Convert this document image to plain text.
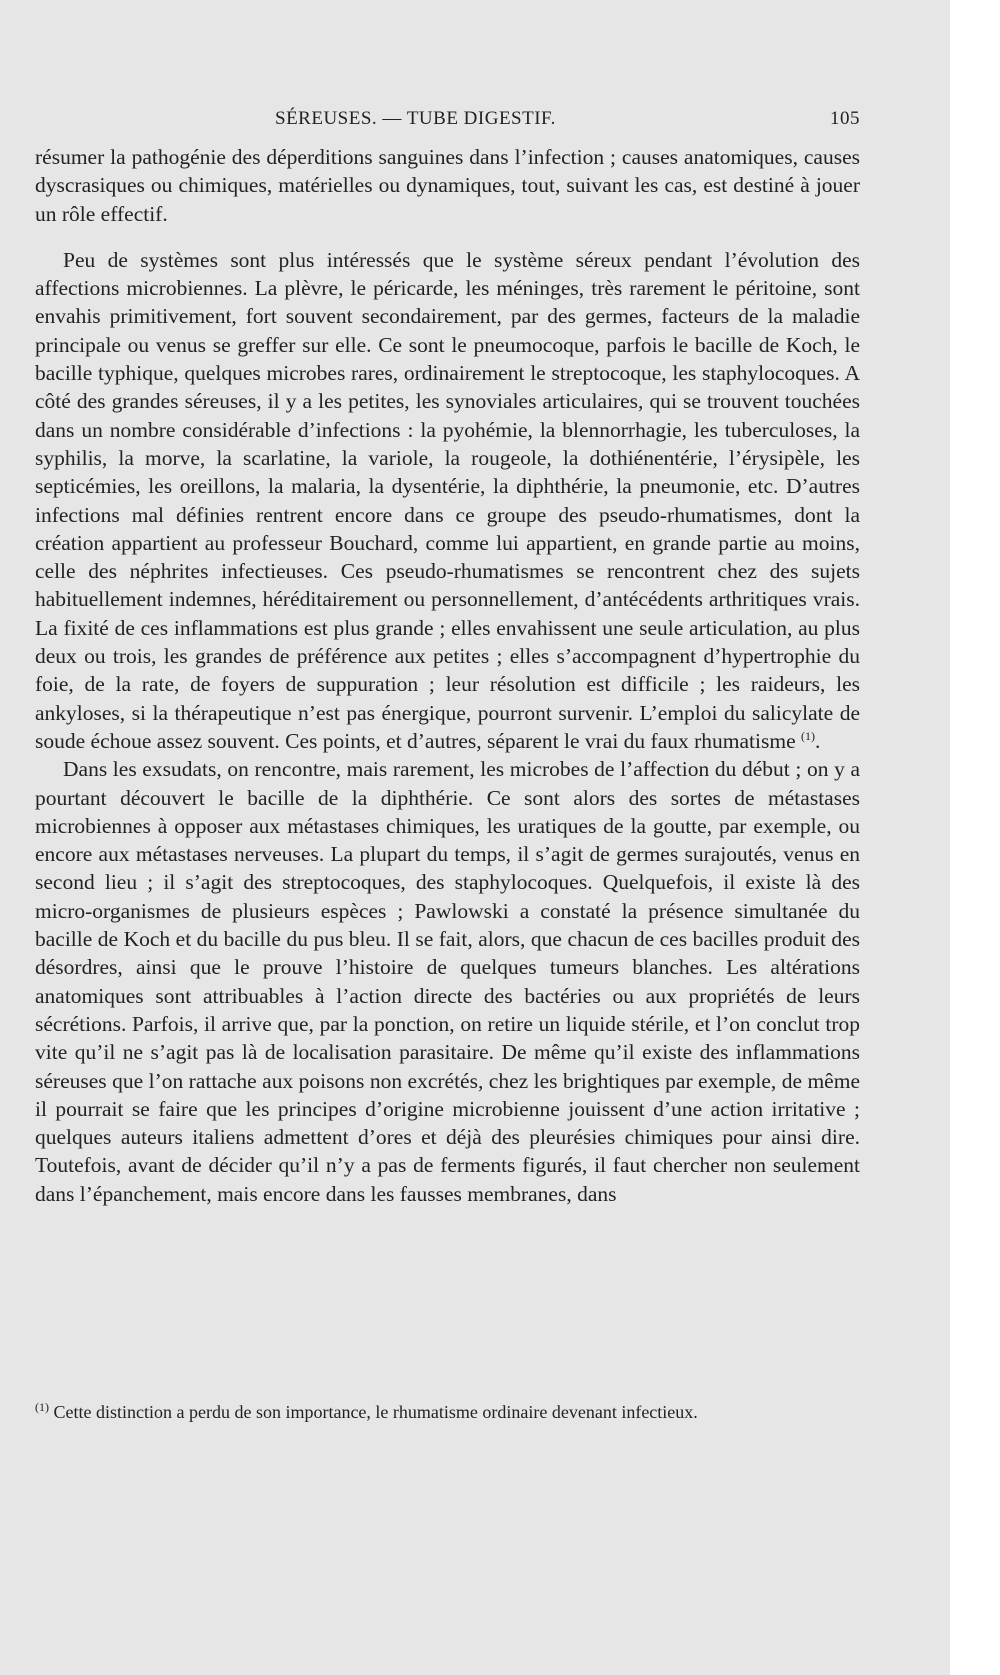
SÉREUSES. — TUBE DIGESTIF.	105

résumer la pathogénie des déperditions sanguines dans l’infection ; causes anatomiques, causes dyscrasiques ou chimiques, matérielles ou dynamiques, tout, suivant les cas, est destiné à jouer un rôle effectif.

Peu de systèmes sont plus intéressés que le système séreux pendant l’évolution des affections microbiennes. La plèvre, le péricarde, les méninges, très rarement le péritoine, sont envahis primitivement, fort souvent secondairement, par des germes, facteurs de la maladie principale ou venus se greffer sur elle. Ce sont le pneumocoque, parfois le bacille de Koch, le bacille typhique, quelques microbes rares, ordinairement le streptocoque, les staphylocoques. A côté des grandes séreuses, il y a les petites, les synoviales articulaires, qui se trouvent touchées dans un nombre considérable d’infections : la pyohémie, la blennorrhagie, les tuberculoses, la syphilis, la morve, la scarlatine, la variole, la rougeole, la dothiénentérie, l’érysipèle, les septicémies, les oreillons, la malaria, la dysentérie, la diphthérie, la pneumonie, etc. D’autres infections mal définies rentrent encore dans ce groupe des pseudo-rhumatismes, dont la création appartient au professeur Bouchard, comme lui appartient, en grande partie au moins, celle des néphrites infectieuses. Ces pseudo-rhumatismes se rencontrent chez des sujets habituellement indemnes, héréditairement ou personnellement, d’antécédents arthritiques vrais. La fixité de ces inflammations est plus grande ; elles envahissent une seule articulation, au plus deux ou trois, les grandes de préférence aux petites ; elles s’accompagnent d’hypertrophie du foie, de la rate, de foyers de suppuration ; leur résolution est difficile ; les raideurs, les ankyloses, si la thérapeutique n’est pas énergique, pourront survenir. L’emploi du salicylate de soude échoue assez souvent. Ces points, et d’autres, séparent le vrai du faux rhumatisme $^{(1)}$.

Dans les exsudats, on rencontre, mais rarement, les microbes de l’affection du début ; on y a pourtant découvert le bacille de la diphthérie. Ce sont alors des sortes de métastases microbiennes à opposer aux métastases chimiques, les uratiques de la goutte, par exemple, ou encore aux métastases nerveuses. La plupart du temps, il s’agit de germes surajoutés, venus en second lieu ; il s’agit des streptocoques, des staphylocoques. Quelquefois, il existe là des micro-organismes de plusieurs espèces ; Pawlowski a constaté la présence simultanée du bacille de Koch et du bacille du pus bleu. Il se fait, alors, que chacun de ces bacilles produit des désordres, ainsi que le prouve l’histoire de quelques tumeurs blanches. Les altérations anatomiques sont attribuables à l’action directe des bactéries ou aux propriétés de leurs sécrétions. Parfois, il arrive que, par la ponction, on retire un liquide stérile, et l’on conclut trop vite qu’il ne s’agit pas là de localisation parasitaire. De même qu’il existe des inflammations séreuses que l’on rattache aux poisons non excrétés, chez les brightiques par exemple, de même il pourrait se faire que les principes d’origine microbienne jouissent d’une action irritative ; quelques auteurs italiens admettent d’ores et déjà des pleurésies chimiques pour ainsi dire. Toutefois, avant de décider qu’il n’y a pas de ferments figurés, il faut chercher non seulement dans l’épanchement, mais encore dans les fausses membranes, dans

$^{(1)}$ Cette distinction a perdu de son importance, le rhumatisme ordinaire devenant infectieux.
